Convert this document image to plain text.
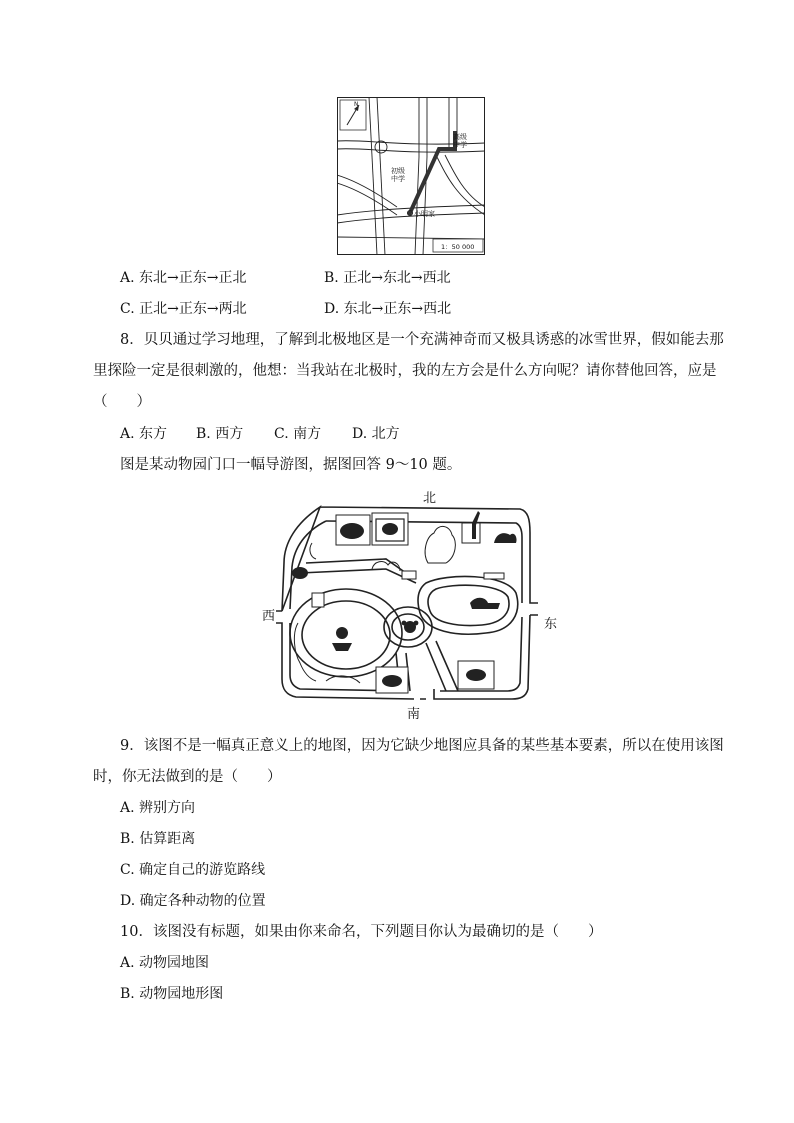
N
高级
中学
初级
中学
小明家
1：50 000
A. 东北→正东→正北	B. 正北→东北→西北
C. 正北→正东→两北	D. 东北→正东→西北
8．贝贝通过学习地理，了解到北极地区是一个充满神奇而又极具诱惑的冰雪世界，假如能去那
里探险一定是很刺激的，他想：当我站在北极时，我的左方会是什么方向呢？请你替他回答，应是
（　　）
A. 东方 B. 西方 C. 南方 D. 北方
图是某动物园门口一幅导游图，据图回答 9～10 题。
北
西
东
南
9．该图不是一幅真正意义上的地图，因为它缺少地图应具备的某些基本要素，所以在使用该图
时，你无法做到的是（　　）
A. 辨别方向
B. 估算距离
C. 确定自己的游览路线
D. 确定各种动物的位置
10．该图没有标题，如果由你来命名，下列题目你认为最确切的是（　　）
A. 动物园地图
B. 动物园地形图
